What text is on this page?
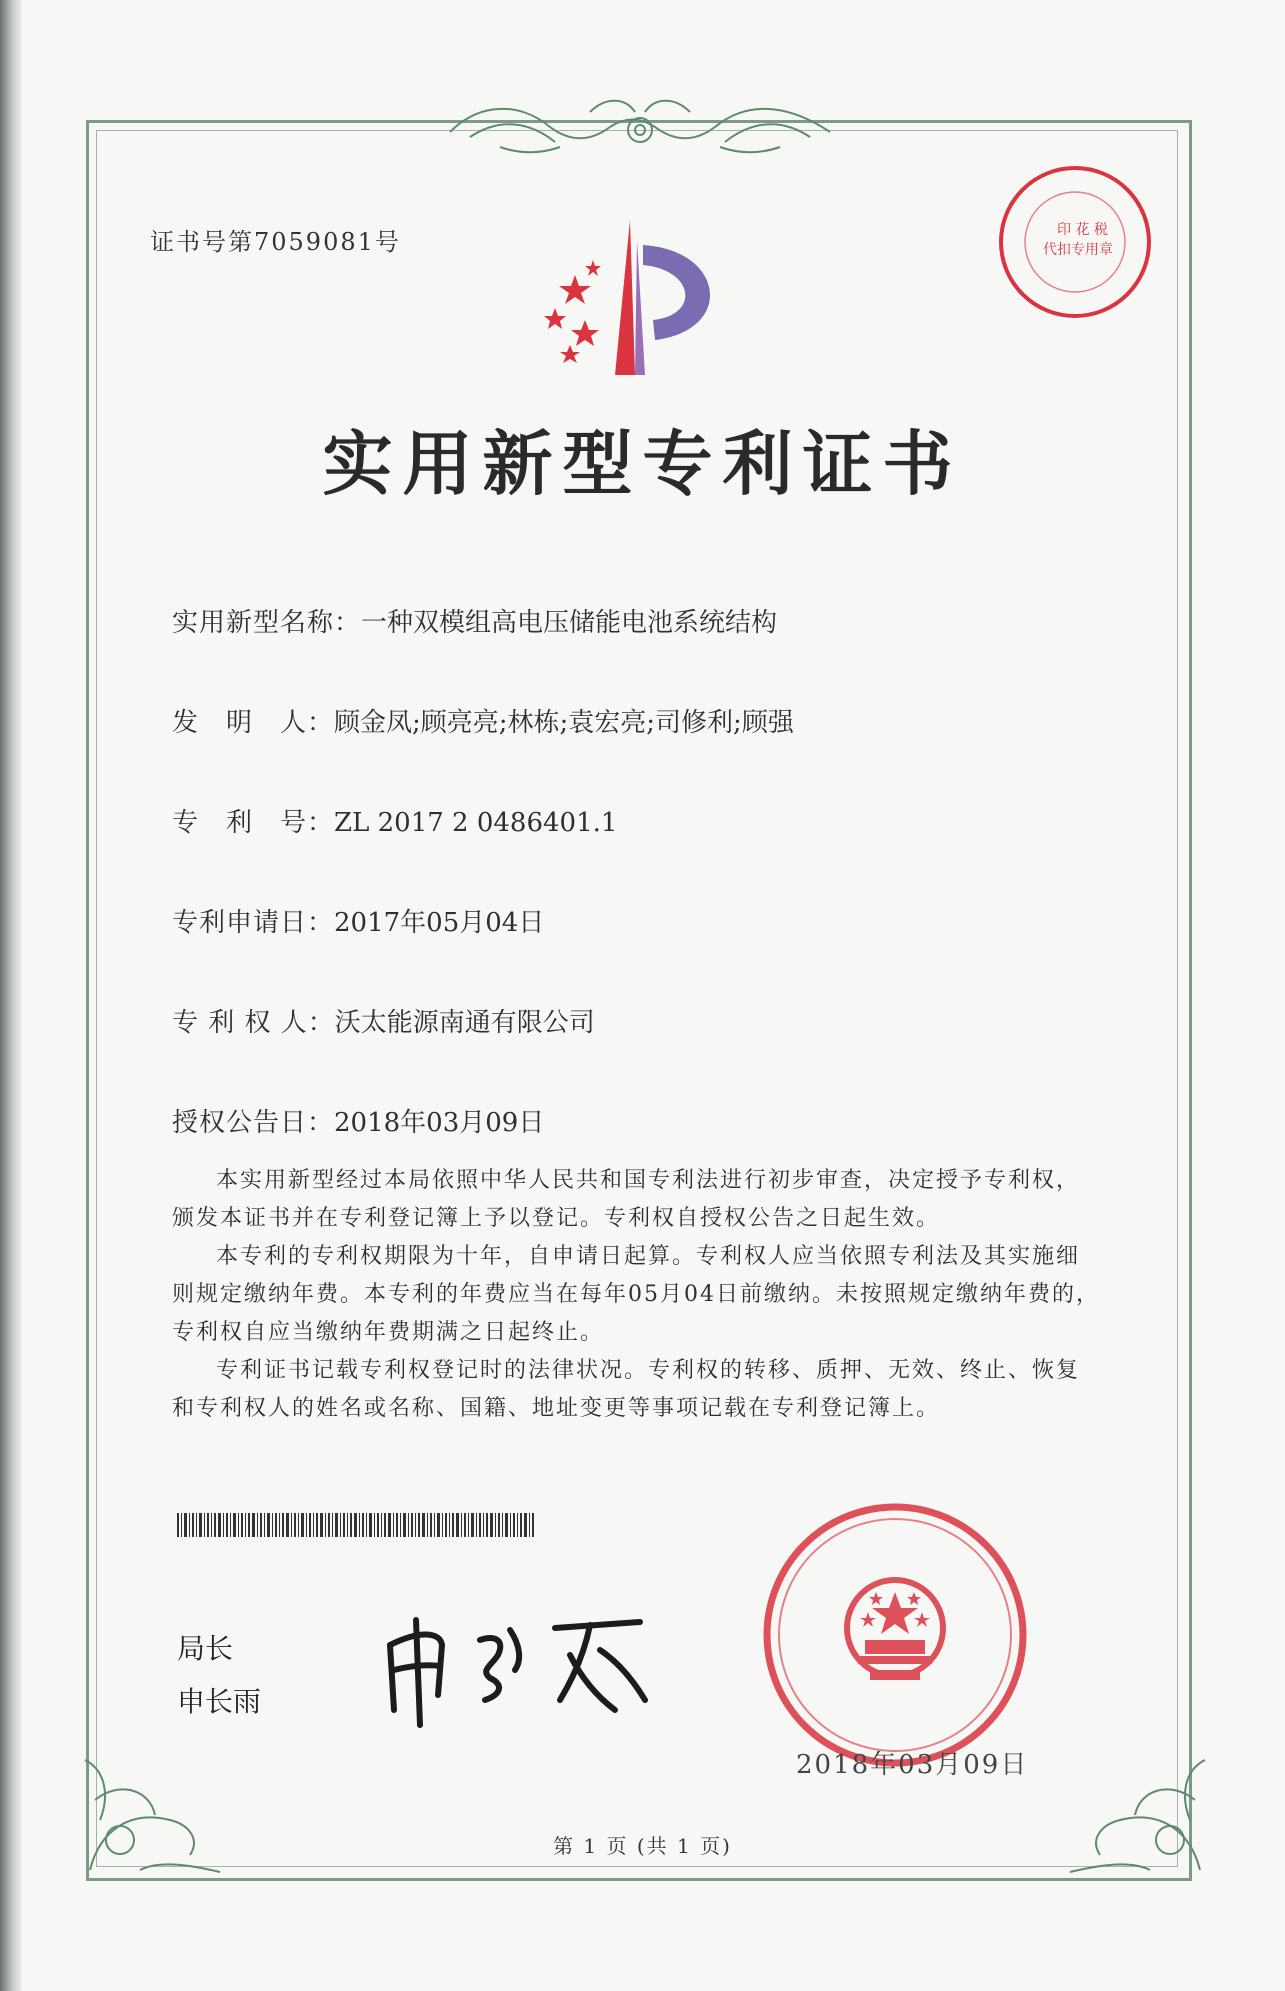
证书号第7059081号	印 花 税
代扣专用章
实用新型专利证书
实用新型名称：一种双模组高电压储能电池系统结构
发　明　人：顾金凤;顾亮亮;林栋;袁宏亮;司修利;顾强
专　利　号：ZL 2017 2 0486401.1
专利申请日：2017年05月04日
专 利 权 人：沃太能源南通有限公司
授权公告日：2018年03月09日

本实用新型经过本局依照中华人民共和国专利法进行初步审查，决定授予专利权，颁发本证书并在专利登记簿上予以登记。专利权自授权公告之日起生效。

本专利的专利权期限为十年，自申请日起算。专利权人应当依照专利法及其实施细则规定缴纳年费。本专利的年费应当在每年05月04日前缴纳。未按照规定缴纳年费的，专利权自应当缴纳年费期满之日起终止。

专利证书记载专利权登记时的法律状况。专利权的转移、质押、无效、终止、恢复和专利权人的姓名或名称、国籍、地址变更等事项记载在专利登记簿上。

局长
申长雨
2018年03月09日
第 1 页 (共 1 页)
